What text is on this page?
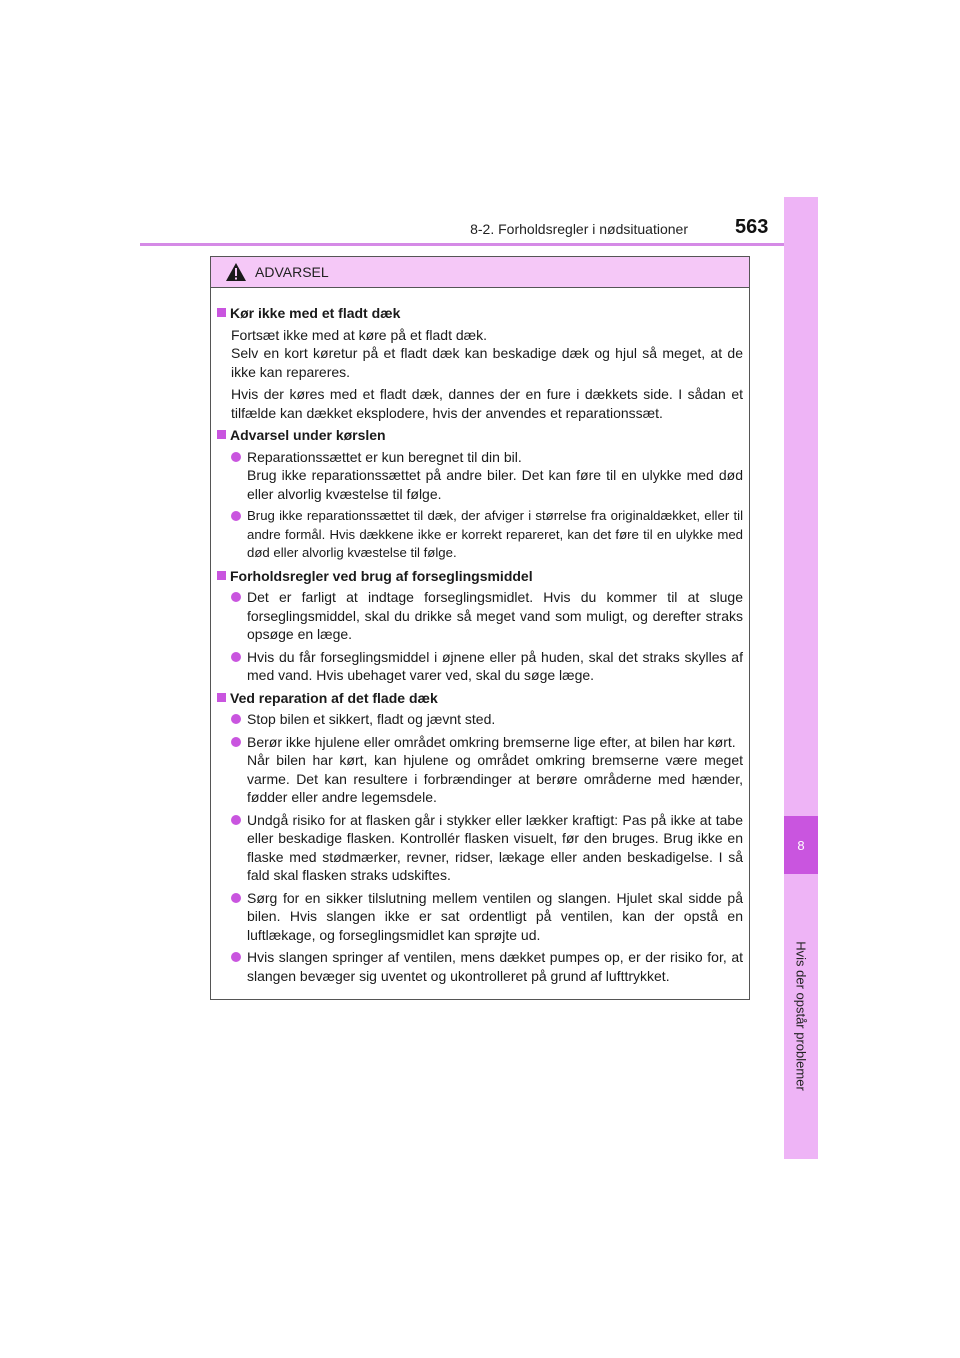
8-2. Forholdsregler i nødsituationer 563
8
Hvis der opstår problemer
ADVARSEL
Kør ikke med et fladt dæk
Fortsæt ikke med at køre på et fladt dæk.
Selv en kort køretur på et fladt dæk kan beskadige dæk og hjul så meget, at de ikke kan repareres.
Hvis der køres med et fladt dæk, dannes der en fure i dækkets side. I sådan et tilfælde kan dækket eksplodere, hvis der anvendes et reparationssæt.
Advarsel under kørslen
Reparationssættet er kun beregnet til din bil.
Brug ikke reparationssættet på andre biler. Det kan føre til en ulykke med død eller alvorlig kvæstelse til følge.
Brug ikke reparationssættet til dæk, der afviger i størrelse fra originaldækket, eller til andre formål. Hvis dækkene ikke er korrekt repareret, kan det føre til en ulykke med død eller alvorlig kvæstelse til følge.
Forholdsregler ved brug af forseglingsmiddel
Det er farligt at indtage forseglingsmidlet. Hvis du kommer til at sluge forseglingsmiddel, skal du drikke så meget vand som muligt, og derefter straks opsøge en læge.
Hvis du får forseglingsmiddel i øjnene eller på huden, skal det straks skylles af med vand. Hvis ubehaget varer ved, skal du søge læge.
Ved reparation af det flade dæk
Stop bilen et sikkert, fladt og jævnt sted.
Berør ikke hjulene eller området omkring bremserne lige efter, at bilen har kørt.
Når bilen har kørt, kan hjulene og området omkring bremserne være meget varme. Det kan resultere i forbrændinger at berøre områderne med hænder, fødder eller andre legemsdele.
Undgå risiko for at flasken går i stykker eller lækker kraftigt: Pas på ikke at tabe eller beskadige flasken. Kontrollér flasken visuelt, før den bruges. Brug ikke en flaske med stødmærker, revner, ridser, lækage eller anden beskadigelse. I så fald skal flasken straks udskiftes.
Sørg for en sikker tilslutning mellem ventilen og slangen. Hjulet skal sidde på bilen. Hvis slangen ikke er sat ordentligt på ventilen, kan der opstå en luftlækage, og forseglingsmidlet kan sprøjte ud.
Hvis slangen springer af ventilen, mens dækket pumpes op, er der risiko for, at slangen bevæger sig uventet og ukontrolleret på grund af lufttrykket.
